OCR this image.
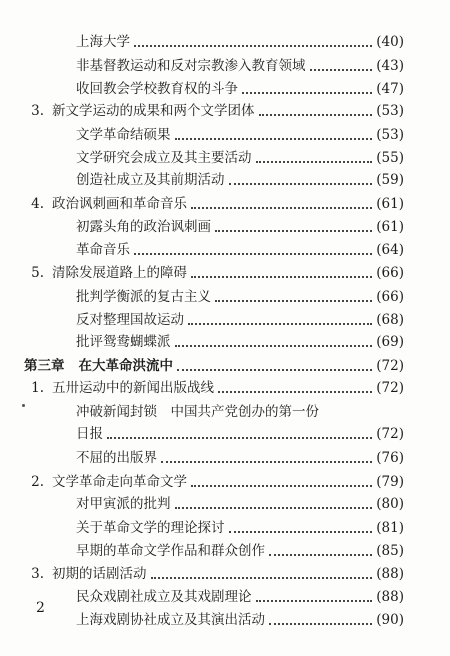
上海大学	(40)
非基督教运动和反对宗教渗入教育领域	(43)
收回教会学校教育权的斗争	(47)
3. 新文学运动的成果和两个文学团体	(53)
文学革命结硕果	(53)
文学研究会成立及其主要活动	(55)
创造社成立及其前期活动	(59)
4. 政治讽刺画和革命音乐	(61)
初露头角的政治讽刺画	(61)
革命音乐	(64)
5. 清除发展道路上的障碍	(66)
批判学衡派的复古主义	(66)
反对整理国故运动	(68)
批评鸳鸯蝴蝶派	(69)
第三章 在大革命洪流中	(72)
1. 五卅运动中的新闻出版战线	(72)
冲破新闻封锁　中国共产党创办的第一份
日报	(72)
不屈的出版界	(76)
2. 文学革命走向革命文学	(79)
对甲寅派的批判	(80)
关于革命文学的理论探讨	(81)
早期的革命文学作品和群众创作	(85)
3. 初期的话剧活动	(88)
民众戏剧社成立及其戏剧理论	(88)
上海戏剧协社成立及其演出活动	(90)
2
